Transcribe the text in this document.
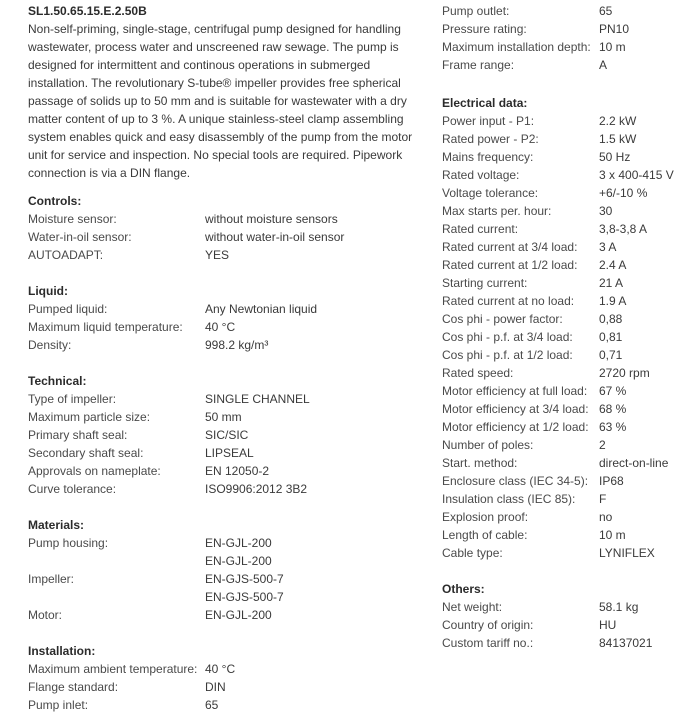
SL1.50.65.15.E.2.50B
Non-self-priming, single-stage, centrifugal pump designed for handling
wastewater, process water and unscreened raw sewage. The pump is
designed for intermittent and continous operations in submerged
installation. The revolutionary S-tube® impeller provides free spherical
passage of solids up to 50 mm and is suitable for wastewater with a dry
matter content of up to 3 %. A unique stainless-steel clamp assembling
system enables quick and easy disassembly of the pump from the motor
unit for service and inspection. No special tools are required. Pipework
connection is via a DIN flange.
Controls:
Moisture sensor:	without moisture sensors
Water-in-oil sensor:	without water-in-oil sensor
AUTOADAPT:	YES
Liquid:
Pumped liquid:	Any Newtonian liquid
Maximum liquid temperature:	40 °C
Density:	998.2 kg/m³
Technical:
Type of impeller:	SINGLE CHANNEL
Maximum particle size:	50 mm
Primary shaft seal:	SIC/SIC
Secondary shaft seal:	LIPSEAL
Approvals on nameplate:	EN 12050-2
Curve tolerance:	ISO9906:2012 3B2
Materials:
Pump housing:	EN-GJL-200
EN-GJL-200
Impeller:	EN-GJS-500-7
EN-GJS-500-7
Motor:	EN-GJL-200
Installation:
Maximum ambient temperature: 40 °C
Flange standard:	DIN
Pump inlet:	65
Pump outlet:	65
Pressure rating:	PN10
Maximum installation depth: 10 m
Frame range:	A
Electrical data:
Power input - P1:	2.2 kW
Rated power - P2:	1.5 kW
Mains frequency:	50 Hz
Rated voltage:	3 x 400-415 V
Voltage tolerance:	+6/-10 %
Max starts per. hour:	30
Rated current:	3,8-3,8 A
Rated current at 3/4 load:	3 A
Rated current at 1/2 load:	2.4 A
Starting current:	21 A
Rated current at no load:	1.9 A
Cos phi - power factor:	0,88
Cos phi - p.f. at 3/4 load:	0,81
Cos phi - p.f. at 1/2 load:	0,71
Rated speed:	2720 rpm
Motor efficiency at full load: 67 %
Motor efficiency at 3/4 load: 68 %
Motor efficiency at 1/2 load: 63 %
Number of poles:	2
Start. method:	direct-on-line
Enclosure class (IEC 34-5): IP68
Insulation class (IEC 85):	F
Explosion proof:	no
Length of cable:	10 m
Cable type:	LYNIFLEX
Others:
Net weight:	58.1 kg
Country of origin:	HU
Custom tariff no.:	84137021
